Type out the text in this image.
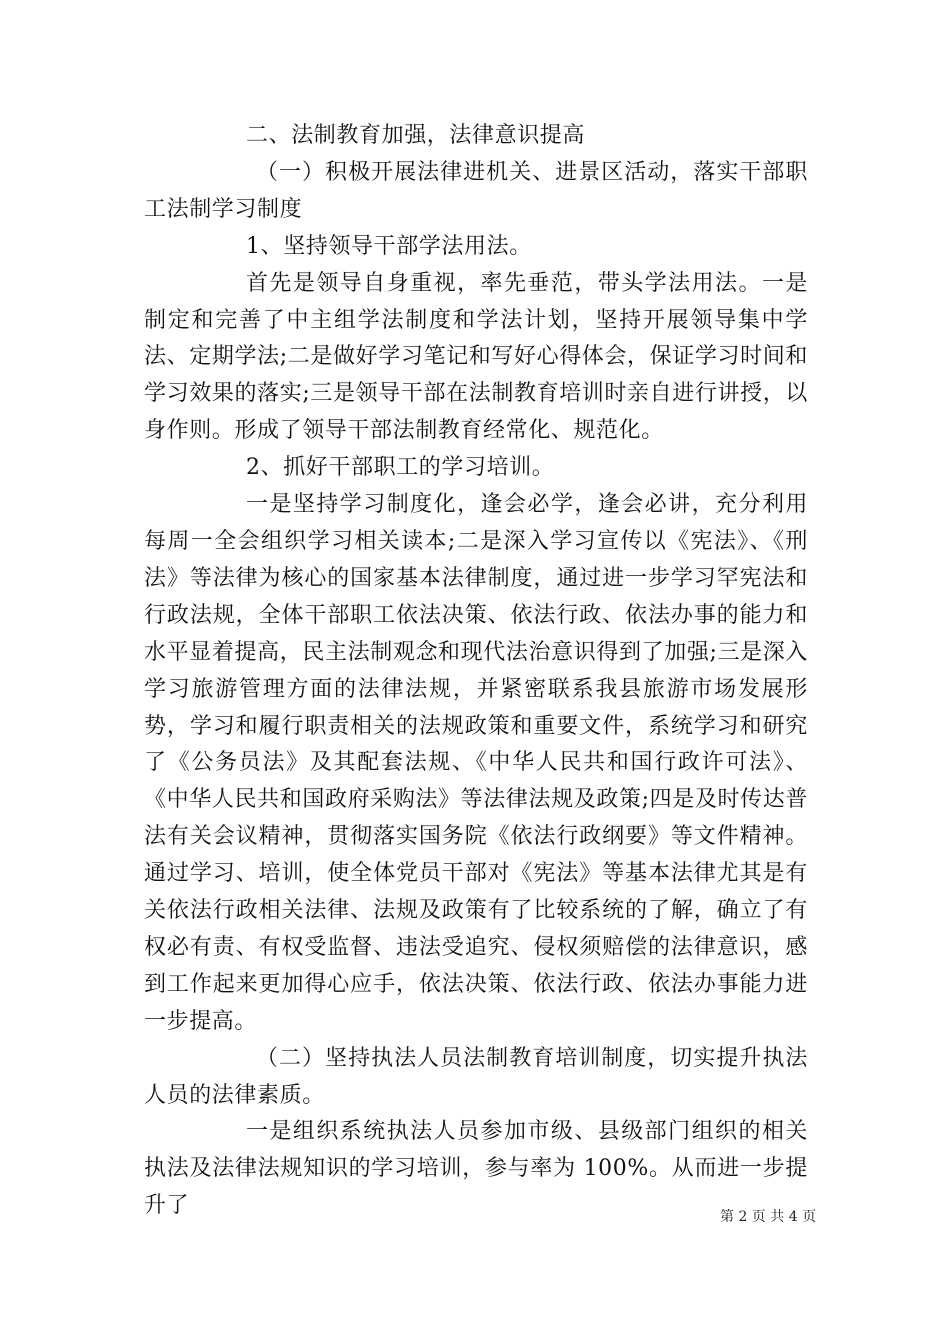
二、法制教育加强，法律意识提高

（一）积极开展法律进机关、进景区活动，落实干部职工法制学习制度

1、坚持领导干部学法用法。

首先是领导自身重视，率先垂范，带头学法用法。一是制定和完善了中主组学法制度和学法计划，坚持开展领导集中学法、定期学法;二是做好学习笔记和写好心得体会，保证学习时间和学习效果的落实;三是领导干部在法制教育培训时亲自进行讲授，以身作则。形成了领导干部法制教育经常化、规范化。

2、抓好干部职工的学习培训。

一是坚持学习制度化，逢会必学，逢会必讲，充分利用每周一全会组织学习相关读本;二是深入学习宣传以《宪法》、《刑法》等法律为核心的国家基本法律制度，通过进一步学习罕宪法和行政法规，全体干部职工依法决策、依法行政、依法办事的能力和水平显着提高，民主法制观念和现代法治意识得到了加强;三是深入学习旅游管理方面的法律法规，并紧密联系我县旅游市场发展形势，学习和履行职责相关的法规政策和重要文件，系统学习和研究了《公务员法》及其配套法规、《中华人民共和国行政许可法》、《中华人民共和国政府采购法》等法律法规及政策;四是及时传达普法有关会议精神，贯彻落实国务院《依法行政纲要》等文件精神。通过学习、培训，使全体党员干部对《宪法》等基本法律尤其是有关依法行政相关法律、法规及政策有了比较系统的了解，确立了有权必有责、有权受监督、违法受追究、侵权须赔偿的法律意识，感到工作起来更加得心应手，依法决策、依法行政、依法办事能力进一步提高。

（二）坚持执法人员法制教育培训制度，切实提升执法人员的法律素质。

一是组织系统执法人员参加市级、县级部门组织的相关执法及法律法规知识的学习培训，参与率为 100%。从而进一步提升了	第 2 页 共 4 页
